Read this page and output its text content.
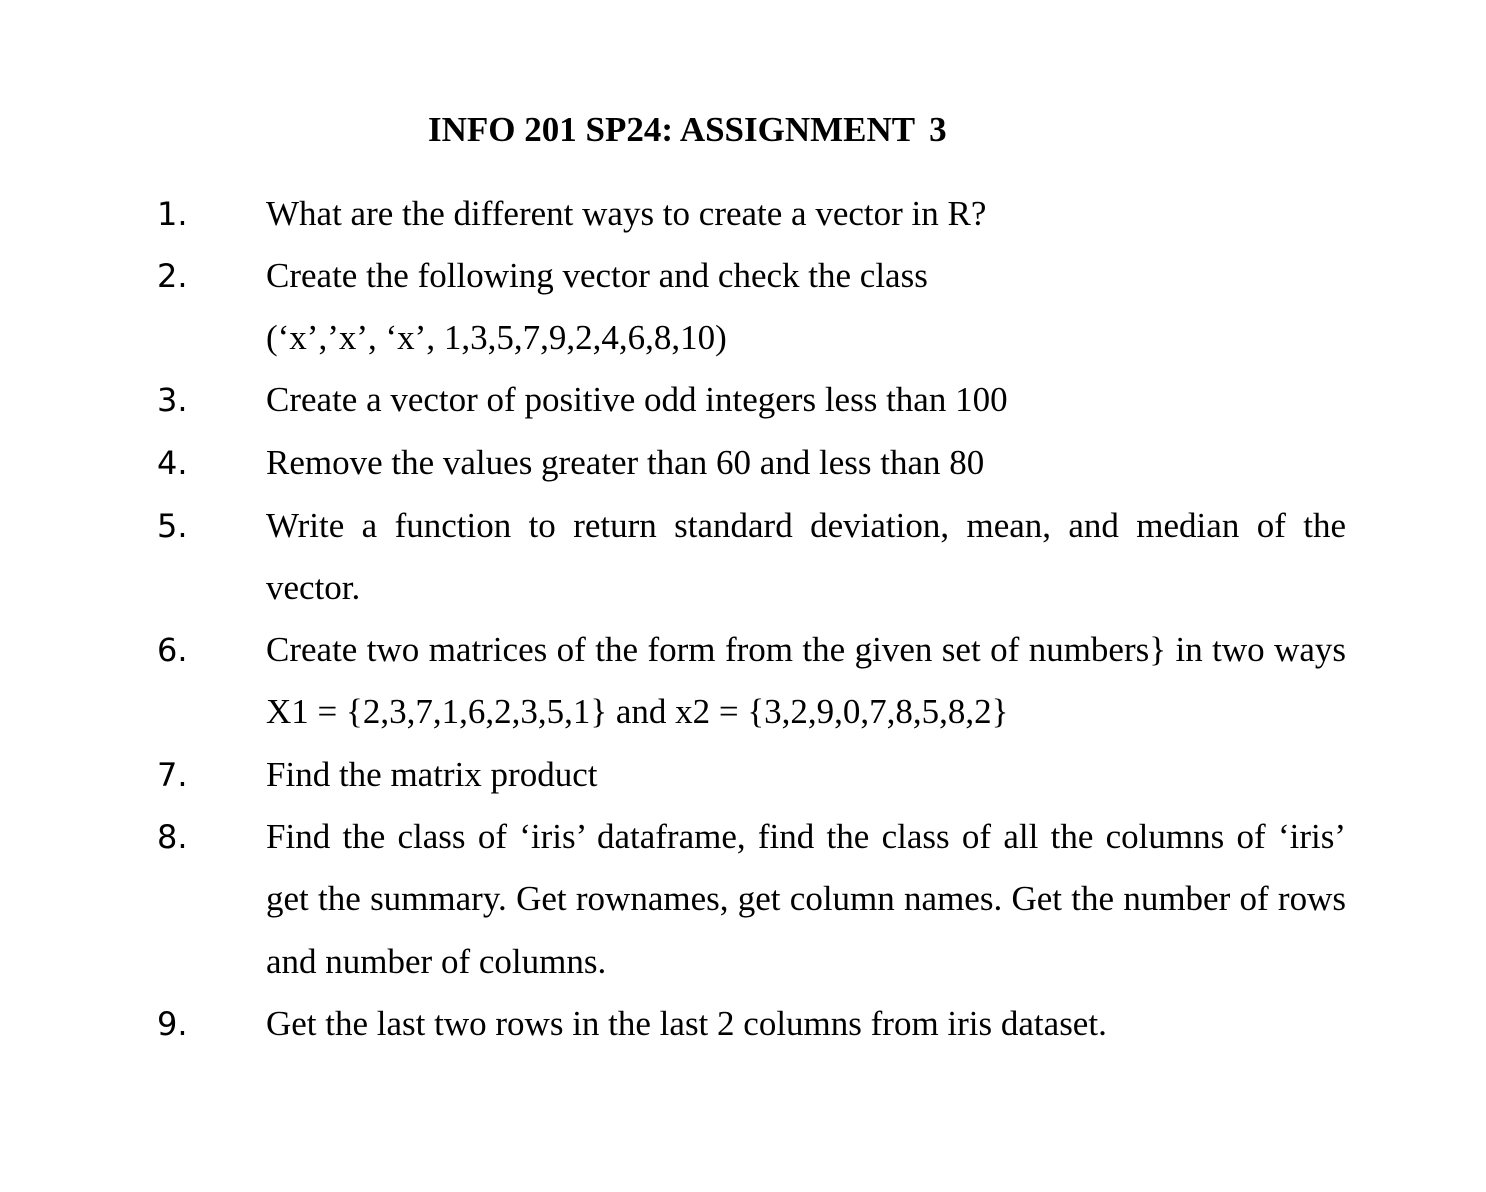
INFO 201 SP24: ASSIGNMENT 3
1. What are the different ways to create a vector in R?
2. Create the following vector and check the class
(‘x’,’x’, ‘x’, 1,3,5,7,9,2,4,6,8,10)
3. Create a vector of positive odd integers less than 100
4. Remove the values greater than 60 and less than 80
5. Write a function to return standard deviation, mean, and median of the
vector.
6. Create two matrices of the form from the given set of numbers} in two ways
X1 = {2,3,7,1,6,2,3,5,1} and x2 = {3,2,9,0,7,8,5,8,2}
7. Find the matrix product
8. Find the class of ‘iris’ dataframe, find the class of all the columns of ‘iris’
get the summary. Get rownames, get column names. Get the number of rows
and number of columns.
9. Get the last two rows in the last 2 columns from iris dataset.
